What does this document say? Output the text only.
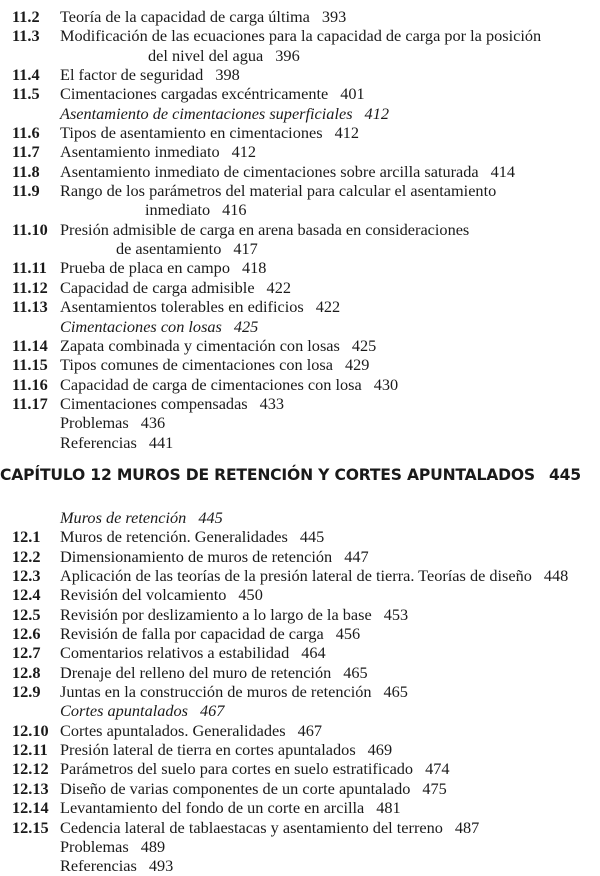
11.2 Teoría de la capacidad de carga última 393
11.3 Modificación de las ecuaciones para la capacidad de carga por la posición
del nivel del agua 396
11.4 El factor de seguridad 398
11.5 Cimentaciones cargadas excéntricamente 401
Asentamiento de cimentaciones superficiales 412
11.6 Tipos de asentamiento en cimentaciones 412
11.7 Asentamiento inmediato 412
11.8 Asentamiento inmediato de cimentaciones sobre arcilla saturada 414
11.9 Rango de los parámetros del material para calcular el asentamiento
inmediato 416
11.10 Presión admisible de carga en arena basada en consideraciones
de asentamiento 417
11.11 Prueba de placa en campo 418
11.12 Capacidad de carga admisible 422
11.13 Asentamientos tolerables en edificios 422
Cimentaciones con losas 425
11.14 Zapata combinada y cimentación con losas 425
11.15 Tipos comunes de cimentaciones con losa 429
11.16 Capacidad de carga de cimentaciones con losa 430
11.17 Cimentaciones compensadas 433
Problemas 436
Referencias 441
CAPÍTULO 12 MUROS DE RETENCIÓN Y CORTES APUNTALADOS 445
Muros de retención 445
12.1 Muros de retención. Generalidades 445
12.2 Dimensionamiento de muros de retención 447
12.3 Aplicación de las teorías de la presión lateral de tierra. Teorías de diseño 448
12.4 Revisión del volcamiento 450
12.5 Revisión por deslizamiento a lo largo de la base 453
12.6 Revisión de falla por capacidad de carga 456
12.7 Comentarios relativos a estabilidad 464
12.8 Drenaje del relleno del muro de retención 465
12.9 Juntas en la construcción de muros de retención 465
Cortes apuntalados 467
12.10 Cortes apuntalados. Generalidades 467
12.11 Presión lateral de tierra en cortes apuntalados 469
12.12 Parámetros del suelo para cortes en suelo estratificado 474
12.13 Diseño de varias componentes de un corte apuntalado 475
12.14 Levantamiento del fondo de un corte en arcilla 481
12.15 Cedencia lateral de tablaestacas y asentamiento del terreno 487
Problemas 489
Referencias 493
